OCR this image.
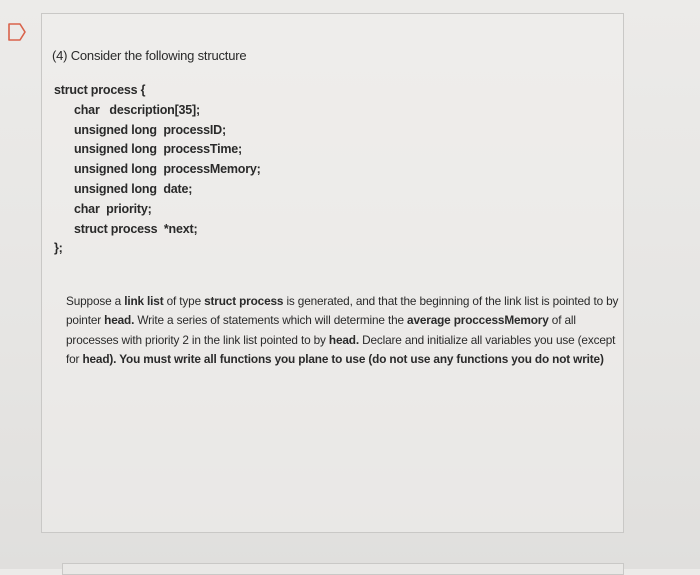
(4) Consider the following structure
struct process {
char   description[35];
unsigned long  processID;
unsigned long  processTime;
unsigned long  processMemory;
unsigned long  date;
char  priority;
struct process  *next;
};
Suppose a link list of type struct process is generated, and that the beginning of the link list is pointed to by pointer head. Write a series of statements which will determine the average proccessMemory of all processes with priority 2 in the link list pointed to by head. Declare and initialize all variables you use (except for head). You must write all functions you plane to use (do not use any functions you do not write)
